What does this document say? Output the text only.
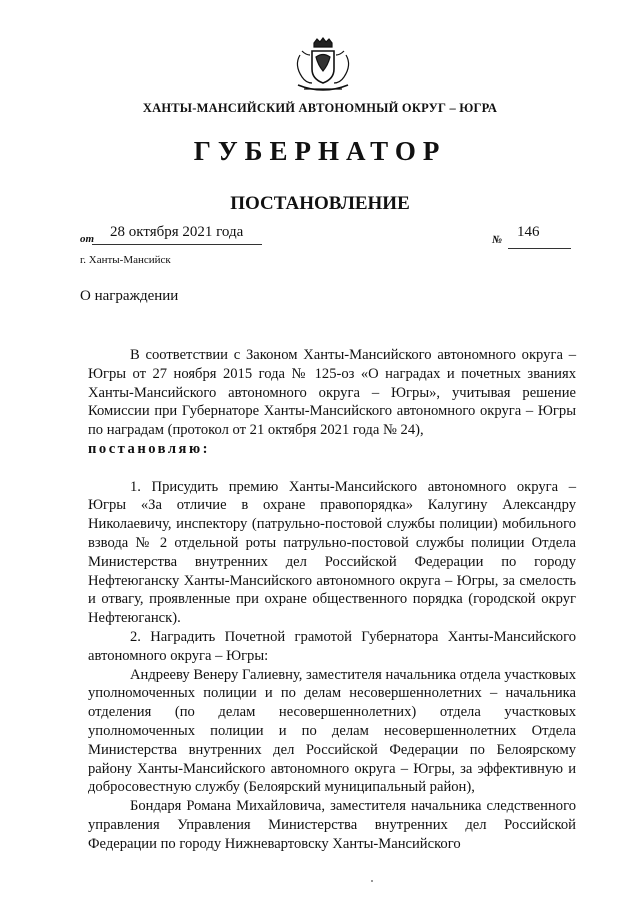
ХАНТЫ-МАНСИЙСКИЙ АВТОНОМНЫЙ ОКРУГ – ЮГРА
ГУБЕРНАТОР
ПОСТАНОВЛЕНИЕ
от 28 октября 2021 года	№ 146
г. Ханты-Мансийск
О награждении

В соответствии с Законом Ханты-Мансийского автономного округа – Югры от 27 ноября 2015 года № 125-оз «О наградах и почетных званиях Ханты-Мансийского автономного округа – Югры», учитывая решение Комиссии при Губернаторе Ханты-Мансийского автономного округа – Югры по наградам (протокол от 21 октября 2021 года № 24),

постановляю:

1. Присудить премию Ханты-Мансийского автономного округа – Югры «За отличие в охране правопорядка» Калугину Александру Николаевичу, инспектору (патрульно-постовой службы полиции) мобильного взвода № 2 отдельной роты патрульно-постовой службы полиции Отдела Министерства внутренних дел Российской Федерации по городу Нефтеюганску Ханты-Мансийского автономного округа – Югры, за смелость и отвагу, проявленные при охране общественного порядка (городской округ Нефтеюганск).

2. Наградить Почетной грамотой Губернатора Ханты-Мансийского автономного округа – Югры:

Андреeву Венеру Галиевну, заместителя начальника отдела участковых уполномоченных полиции и по делам несовершеннолетних – начальника отделения (по делам несовершеннолетних) отдела участковых уполномоченных полиции и по делам несовершеннолетних Отдела Министерства внутренних дел Российской Федерации по Белоярскому району Ханты-Мансийского автономного округа – Югры, за эффективную и добросовестную службу (Белоярский муниципальный район),

Бондаря Романа Михайловича, заместителя начальника следственного управления Управления Министерства внутренних дел Российской Федерации по городу Нижневартовску Ханты-Мансийского
